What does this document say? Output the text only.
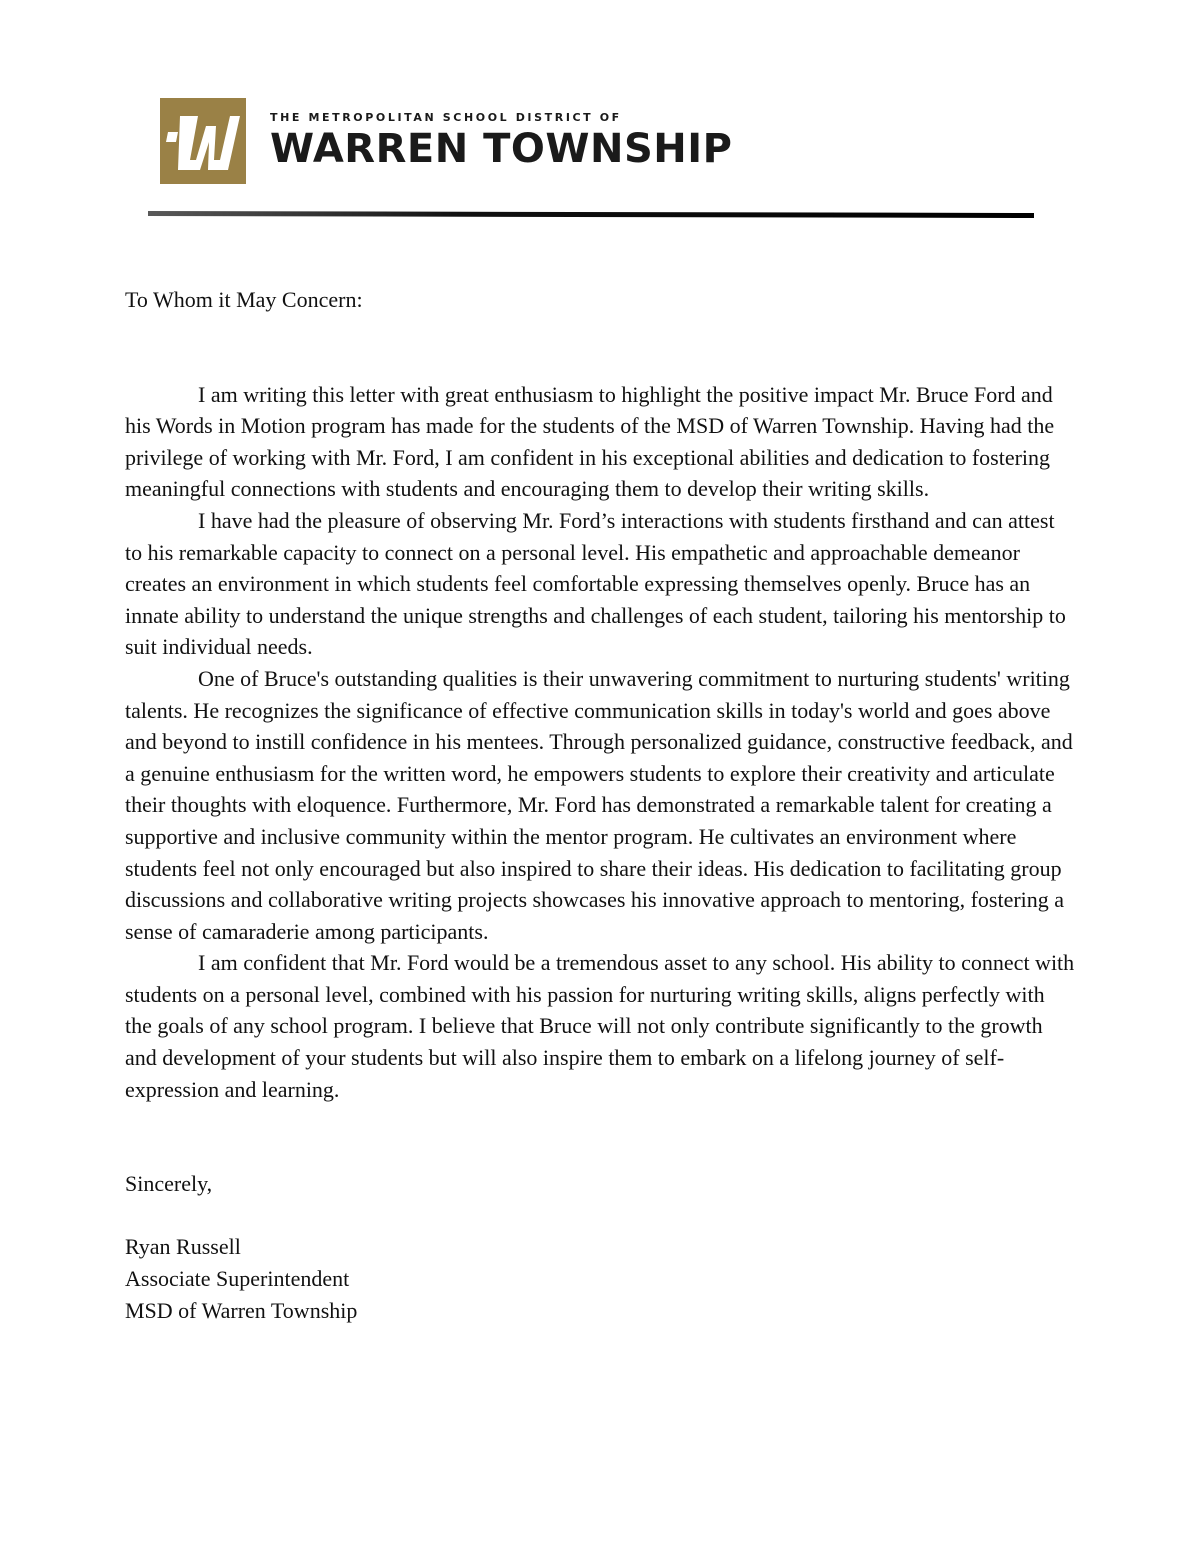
THE METROPOLITAN SCHOOL DISTRICT OF
WARREN TOWNSHIP

To Whom it May Concern:

I am writing this letter with great enthusiasm to highlight the positive impact Mr. Bruce Ford and his Words in Motion program has made for the students of the MSD of Warren Township. Having had the privilege of working with Mr. Ford, I am confident in his exceptional abilities and dedication to fostering meaningful connections with students and encouraging them to develop their writing skills.

I have had the pleasure of observing Mr. Ford’s interactions with students firsthand and can attest to his remarkable capacity to connect on a personal level. His empathetic and approachable demeanor creates an environment in which students feel comfortable expressing themselves openly. Bruce has an innate ability to understand the unique strengths and challenges of each student, tailoring his mentorship to suit individual needs.

One of Bruce's outstanding qualities is their unwavering commitment to nurturing students' writing talents. He recognizes the significance of effective communication skills in today's world and goes above and beyond to instill confidence in his mentees. Through personalized guidance, constructive feedback, and a genuine enthusiasm for the written word, he empowers students to explore their creativity and articulate their thoughts with eloquence. Furthermore, Mr. Ford has demonstrated a remarkable talent for creating a supportive and inclusive community within the mentor program. He cultivates an environment where students feel not only encouraged but also inspired to share their ideas. His dedication to facilitating group discussions and collaborative writing projects showcases his innovative approach to mentoring, fostering a sense of camaraderie among participants.

I am confident that Mr. Ford would be a tremendous asset to any school. His ability to connect with students on a personal level, combined with his passion for nurturing writing skills, aligns perfectly with the goals of any school program. I believe that Bruce will not only contribute significantly to the growth and development of your students but will also inspire them to embark on a lifelong journey of self-expression and learning.

Sincerely,

Ryan Russell
Associate Superintendent
MSD of Warren Township
